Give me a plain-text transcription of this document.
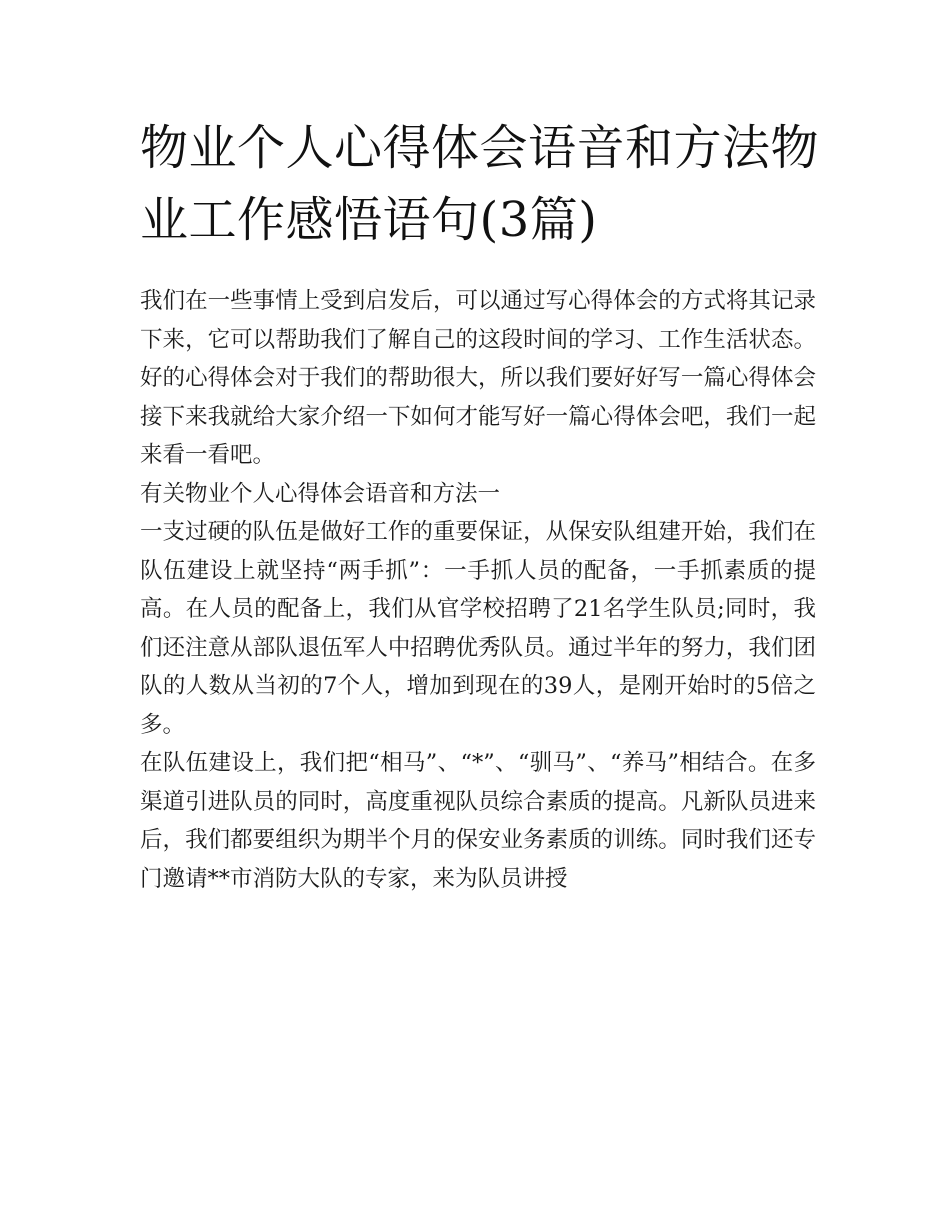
物业个人心得体会语音和方法物业工作感悟语句(3篇)

我们在一些事情上受到启发后，可以通过写心得体会的方式将其记录下来，它可以帮助我们了解自己的这段时间的学习、工作生活状态。好的心得体会对于我们的帮助很大，所以我们要好好写一篇心得体会接下来我就给大家介绍一下如何才能写好一篇心得体会吧，我们一起来看一看吧。

有关物业个人心得体会语音和方法一

一支过硬的队伍是做好工作的重要保证，从保安队组建开始，我们在队伍建设上就坚持“两手抓”：一手抓人员的配备，一手抓素质的提高。在人员的配备上，我们从官学校招聘了21名学生队员;同时，我们还注意从部队退伍军人中招聘优秀队员。通过半年的努力，我们团队的人数从当初的7个人，增加到现在的39人，是刚开始时的5倍之多。

在队伍建设上，我们把“相马”、“*”、“驯马”、“养马”相结合。在多渠道引进队员的同时，高度重视队员综合素质的提高。凡新队员进来后，我们都要组织为期半个月的保安业务素质的训练。同时我们还专门邀请**市消防大队的专家，来为队员讲授
